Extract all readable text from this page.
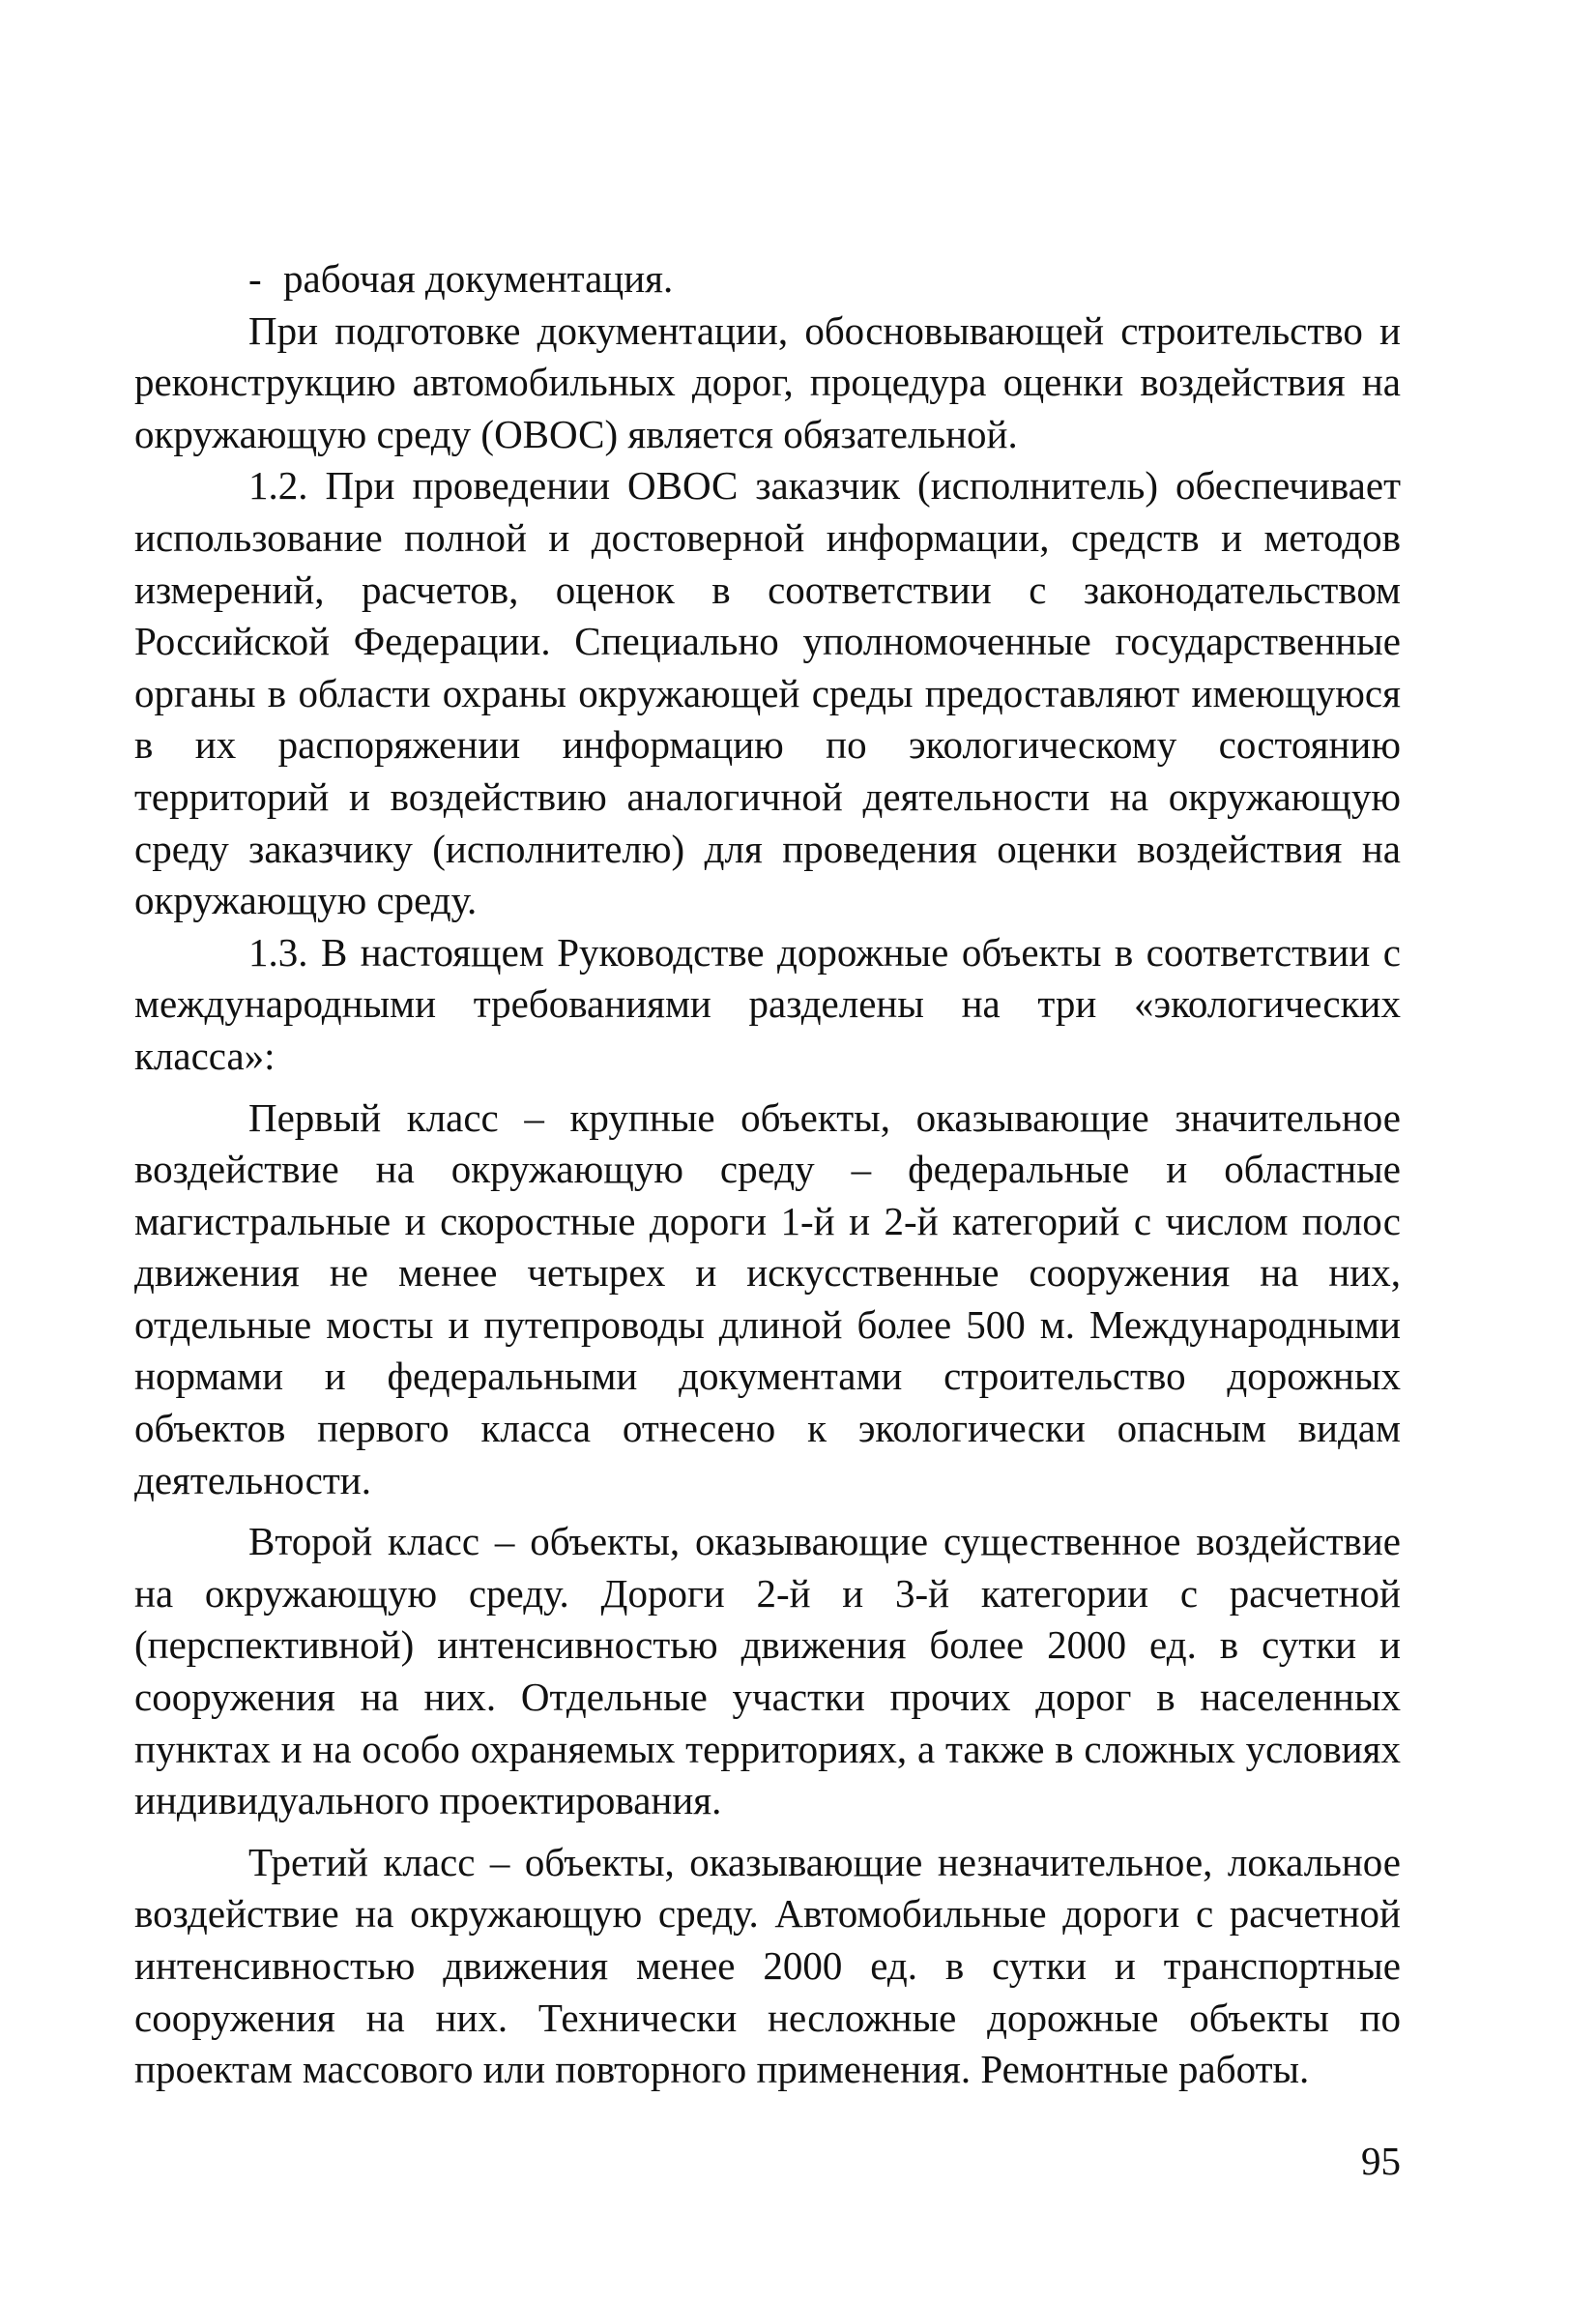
- рабочая документация.

При подготовке документации, обосновывающей строительство и реконструкцию автомобильных дорог, процедура оценки воздействия на окружающую среду (ОВОС) является обязательной.

1.2. При проведении ОВОС заказчик (исполнитель) обеспечивает использование полной и достоверной информации, средств и методов измерений, расчетов, оценок в соответствии с законодательством Российской Федерации. Специально уполномоченные государственные органы в области охраны окружающей среды предоставляют имеющуюся в их распоряжении информацию по экологическому состоянию территорий и воздействию аналогичной деятельности на окружающую среду заказчику (исполнителю) для проведения оценки воздействия на окружающую среду.

1.3. В настоящем Руководстве дорожные объекты в соответствии с международными требованиями разделены на три «экологических класса»:

Первый класс – крупные объекты, оказывающие значительное воздействие на окружающую среду – федеральные и областные магистральные и скоростные дороги 1-й и 2-й категорий с числом полос движения не менее четырех и искусственные сооружения на них, отдельные мосты и путепроводы длиной более 500 м. Международными нормами и федеральными документами строительство дорожных объектов первого класса отнесено к экологически опасным видам деятельности.

Второй класс – объекты, оказывающие существенное воздействие на окружающую среду. Дороги 2-й и 3-й категории с расчетной (перспективной) интенсивностью движения более 2000 ед. в сутки и сооружения на них. Отдельные участки прочих дорог в населенных пунктах и на особо охраняемых территориях, а также в сложных условиях индивидуального проектирования.

Третий класс – объекты, оказывающие незначительное, локальное воздействие на окружающую среду. Автомобильные дороги с расчетной интенсивностью движения менее 2000 ед. в сутки и транспортные сооружения на них. Технически несложные дорожные объекты по проектам массового или повторного применения. Ремонтные работы.

95
